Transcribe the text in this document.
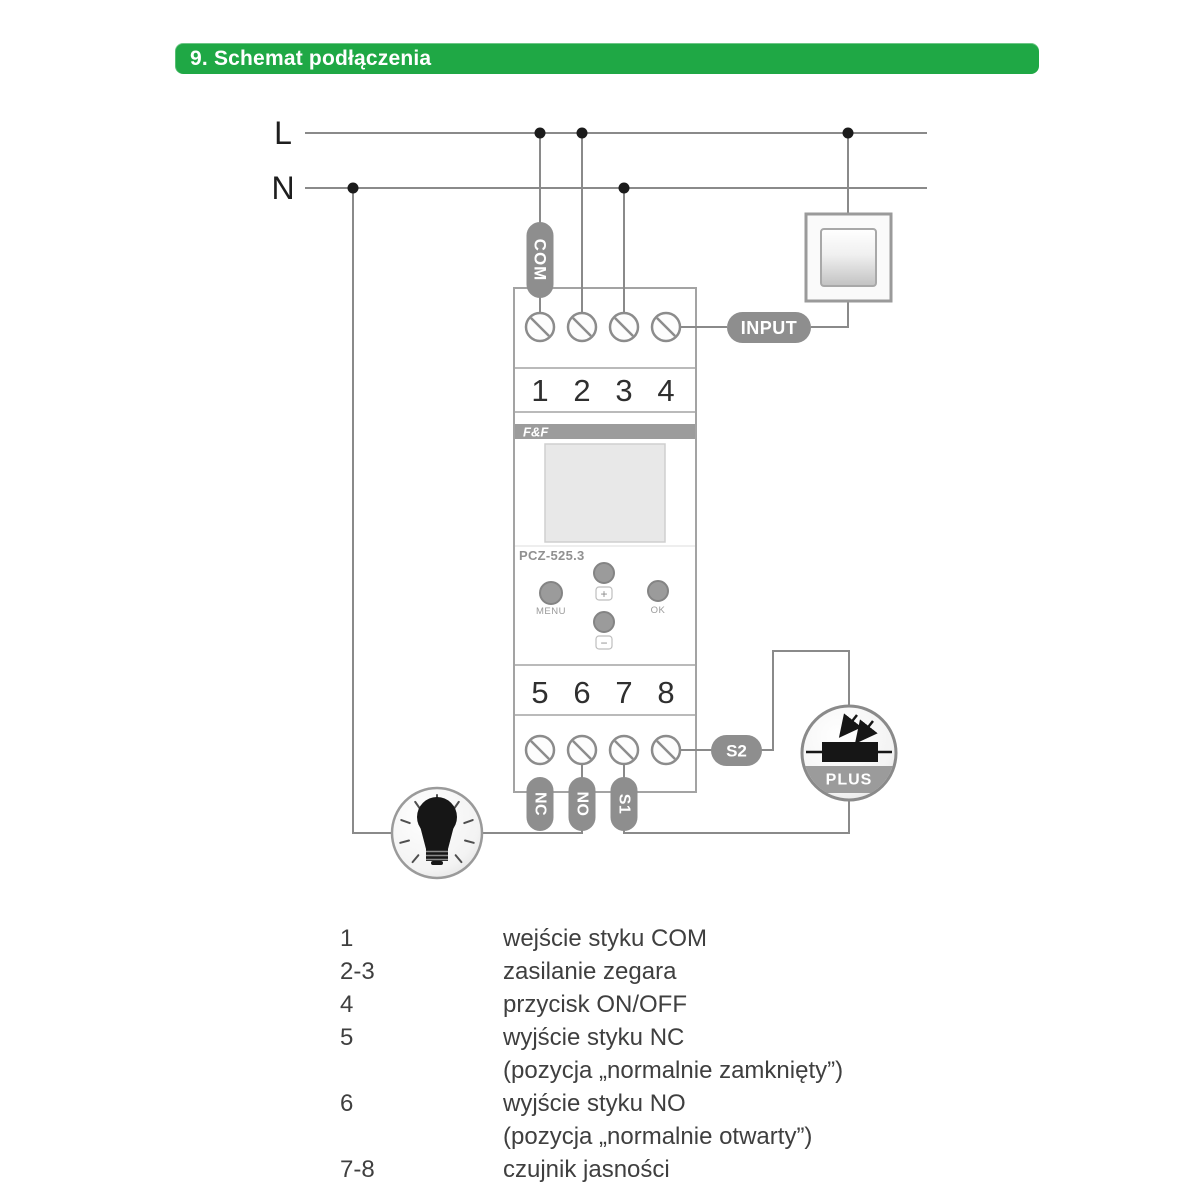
9. Schemat podłączenia
L
N
F&F
PCZ-525.3
1 2 3 4
5 6 7 8
+
MENU	OK
−
PLUS
COM
INPUT
NC NO S1
S2
1	wejście styku COM
2-3	zasilanie zegara
4	przycisk ON/OFF
5	wyjście styku NC
(pozycja „normalnie zamknięty”)
6	wyjście styku NO
(pozycja „normalnie otwarty”)
7-8	czujnik jasności
